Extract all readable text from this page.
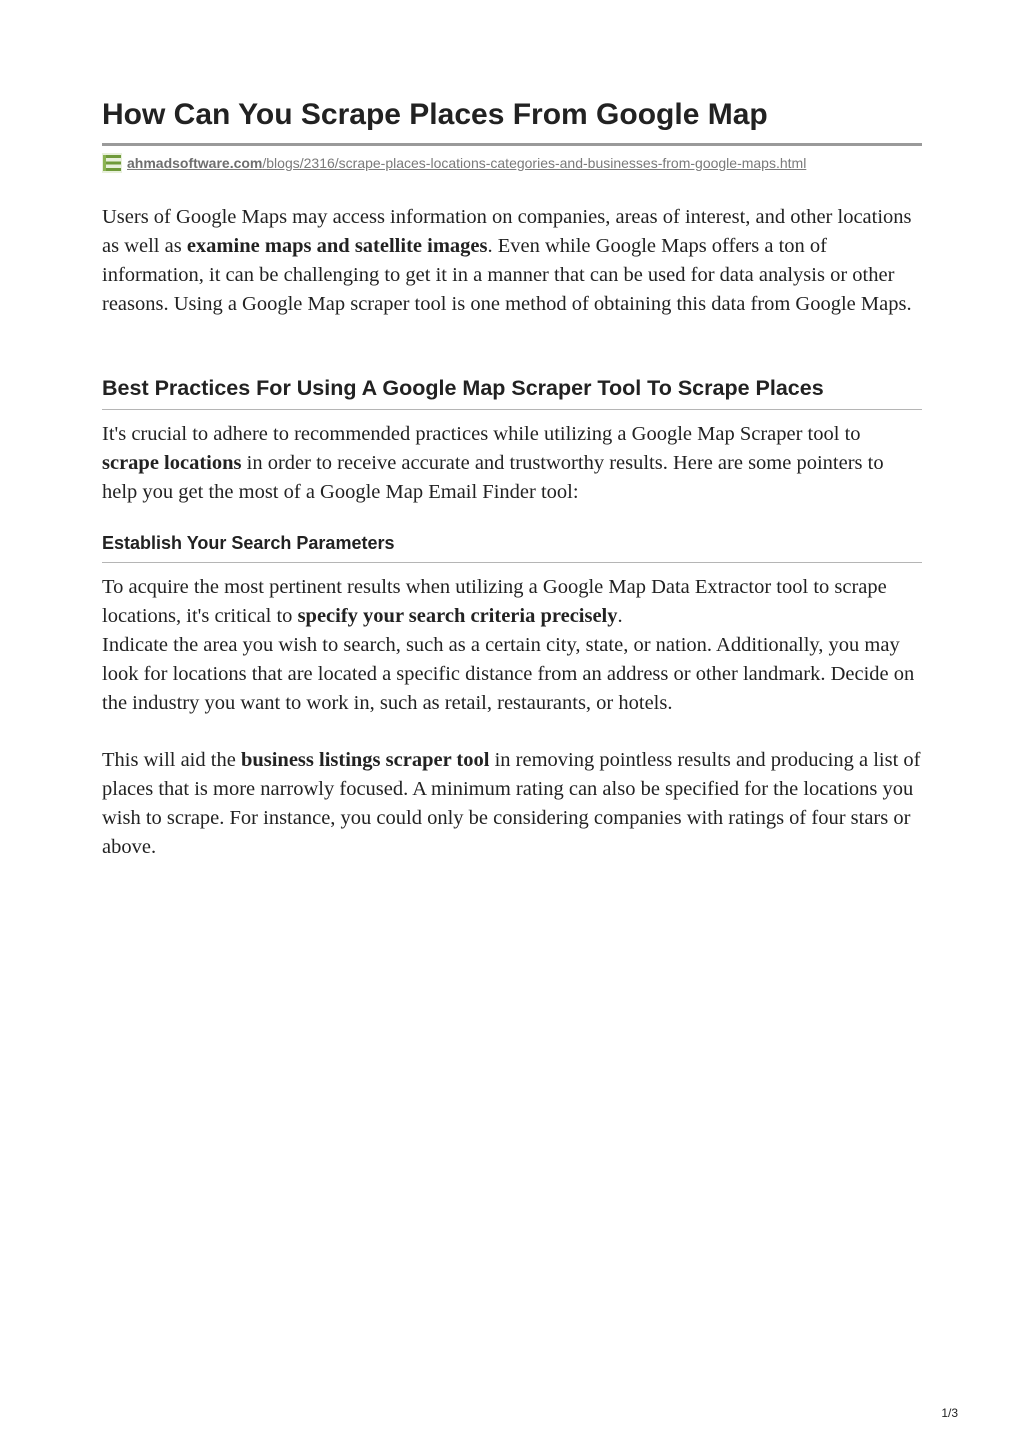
How Can You Scrape Places From Google Map
ahmadsoftware.com/blogs/2316/scrape-places-locations-categories-and-businesses-from-google-maps.html

Users of Google Maps may access information on companies, areas of interest, and other locations as well as examine maps and satellite images. Even while Google Maps offers a ton of information, it can be challenging to get it in a manner that can be used for data analysis or other reasons. Using a Google Map scraper tool is one method of obtaining this data from Google Maps.

Best Practices For Using A Google Map Scraper Tool To Scrape Places

It's crucial to adhere to recommended practices while utilizing a Google Map Scraper tool to scrape locations in order to receive accurate and trustworthy results. Here are some pointers to help you get the most of a Google Map Email Finder tool:

Establish Your Search Parameters

To acquire the most pertinent results when utilizing a Google Map Data Extractor tool to scrape locations, it's critical to specify your search criteria precisely.

Indicate the area you wish to search, such as a certain city, state, or nation. Additionally, you may look for locations that are located a specific distance from an address or other landmark. Decide on the industry you want to work in, such as retail, restaurants, or hotels.

This will aid the business listings scraper tool in removing pointless results and producing a list of places that is more narrowly focused. A minimum rating can also be specified for the locations you wish to scrape. For instance, you could only be considering companies with ratings of four stars or above.

1/3
